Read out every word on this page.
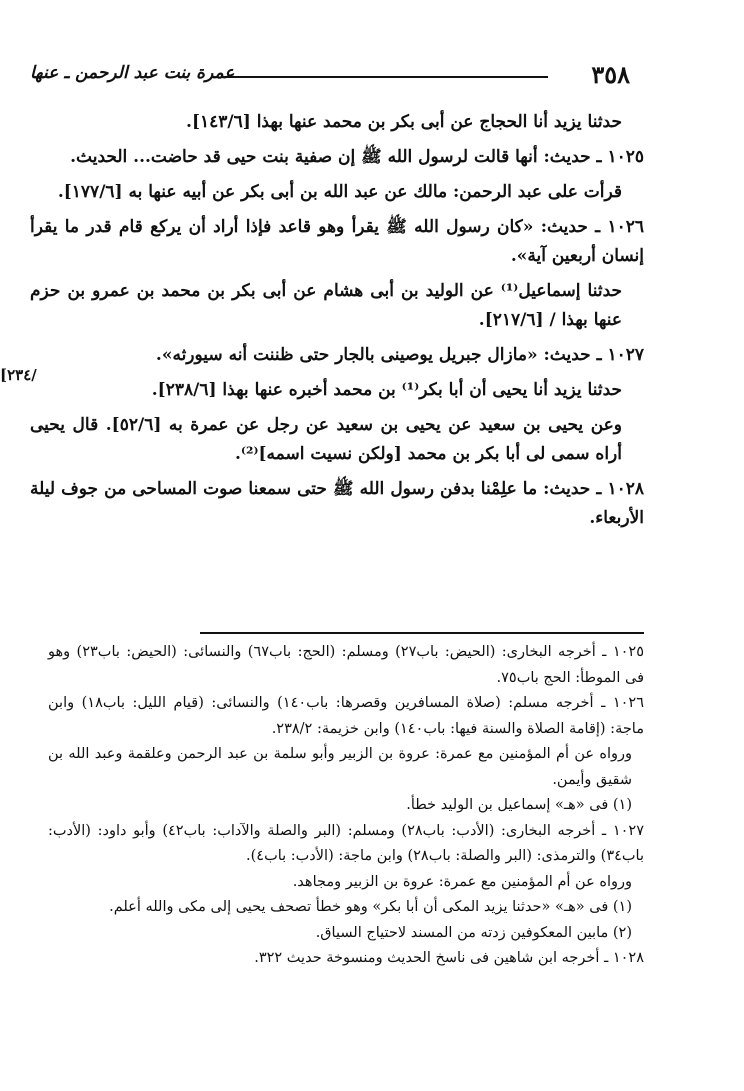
٣٥٨
عمرة بنت عبد الرحمن ـ عنها
/٢٣٤]

حدثنا يزيد أنا الحجاج عن أبى بكر بن محمد عنها بهذا [١٤٣/٦].

١٠٢٥ ـ حديث: أنها قالت لرسول الله ﷺ إن صفية بنت حيى قد حاضت... الحديث.

قرأت على عبد الرحمن: مالك عن عبد الله بن أبى بكر عن أبيه عنها به [١٧٧/٦].

١٠٢٦ ـ حديث: «كان رسول الله ﷺ يقرأ وهو قاعد فإذا أراد أن يركع قام قدر ما يقرأ إنسان أربعين آية».

حدثنا إسماعيل⁽¹⁾ عن الوليد بن أبى هشام عن أبى بكر بن محمد بن عمرو بن حزم عنها بهذا / [٢١٧/٦].

١٠٢٧ ـ حديث: «مازال جبريل يوصينى بالجار حتى ظننت أنه سيورثه».

حدثنا يزيد أنا يحيى أن أبا بكر⁽¹⁾ بن محمد أخبره عنها بهذا [٢٣٨/٦].

وعن يحيى بن سعيد عن يحيى بن سعيد عن رجل عن عمرة به [٥٢/٦]. قال يحيى أراه سمى لى أبا بكر بن محمد [ولكن نسيت اسمه]⁽²⁾.

١٠٢٨ ـ حديث: ما علِمْنا بدفن رسول الله ﷺ حتى سمعنا صوت المساحى من جوف ليلة الأربعاء.

١٠٢٥ ـ أخرجه البخارى: (الحيض: باب٢٧) ومسلم: (الحج: باب٦٧) والنسائى: (الحيض: باب٢٣) وهو فى الموطأ: الحج باب٧٥.

١٠٢٦ ـ أخرجه مسلم: (صلاة المسافرين وقصرها: باب١٤٠) والنسائى: (قيام الليل: باب١٨) وابن ماجة: (إقامة الصلاة والسنة فيها: باب١٤٠) وابن خزيمة: ٢٣٨/٢.

ورواه عن أم المؤمنين مع عمرة: عروة بن الزبير وأبو سلمة بن عبد الرحمن وعلقمة وعبد الله بن شقيق وأيمن.

(١) فى «هـ» إسماعيل بن الوليد خطأ.

١٠٢٧ ـ أخرجه البخارى: (الأدب: باب٢٨) ومسلم: (البر والصلة والآداب: باب٤٢) وأبو داود: (الأدب: باب٣٤) والترمذى: (البر والصلة: باب٢٨) وابن ماجة: (الأدب: باب٤).

ورواه عن أم المؤمنين مع عمرة: عروة بن الزبير ومجاهد.

(١) فى «هـ» «حدثنا يزيد المكى أن أبا بكر» وهو خطأ تصحف يحيى إلى مكى والله أعلم.

(٢) مابين المعكوفين زدته من المسند لاحتياج السياق.

١٠٢٨ ـ أخرجه ابن شاهين فى ناسخ الحديث ومنسوخة حديث ٣٢٢.
